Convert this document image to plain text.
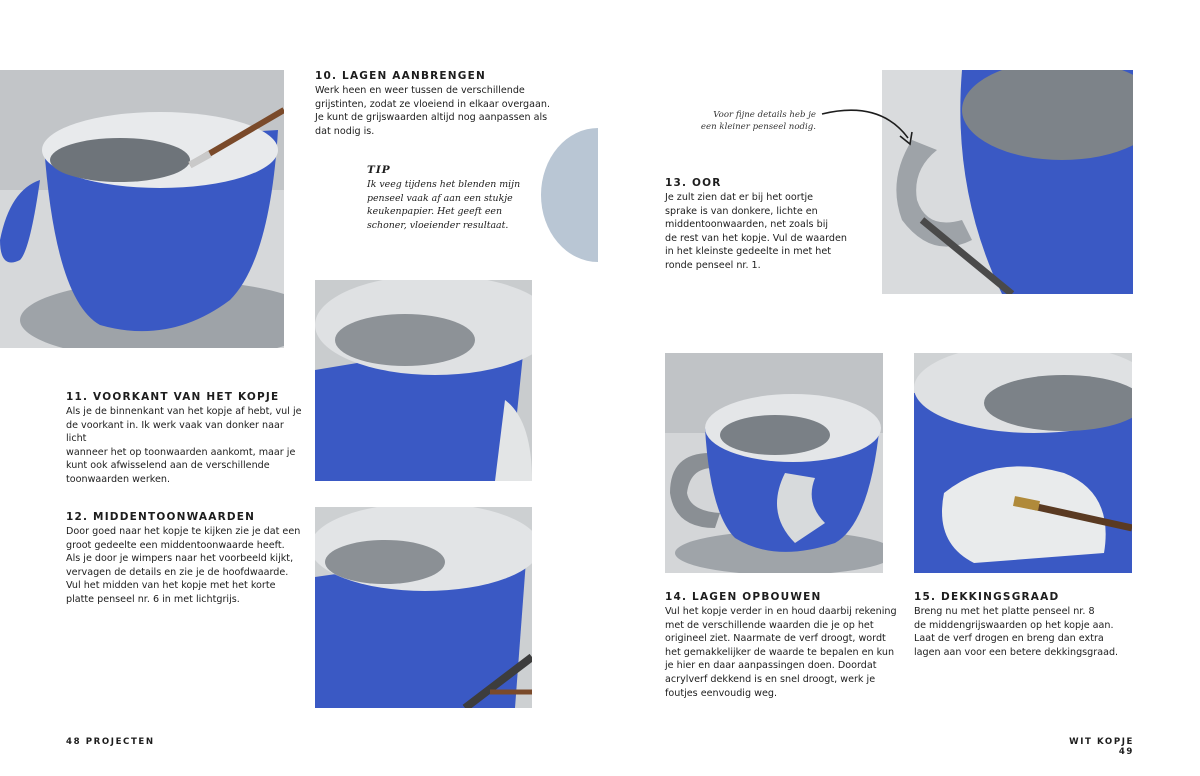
10. LAGEN AANBRENGEN

Werk heen en weer tussen de verschillende
grijstinten, zodat ze vloeiend in elkaar overgaan.
Je kunt de grijswaarden altijd nog aanpassen als
dat nodig is.

TIP

Ik veeg tijdens het blenden mijn
penseel vaak af aan een stukje
keukenpapier. Het geeft een
schoner, vloeiender resultaat.

11. VOORKANT VAN HET KOPJE

Als je de binnenkant van het kopje af hebt, vul je
de voorkant in. Ik werk vaak van donker naar licht
wanneer het op toonwaarden aankomt, maar je
kunt ook afwisselend aan de verschillende
toonwaarden werken.

12. MIDDENTOONWAARDEN

Door goed naar het kopje te kijken zie je dat een
groot gedeelte een middentoonwaarde heeft.
Als je door je wimpers naar het voorbeeld kijkt,
vervagen de details en zie je de hoofdwaarde.
Vul het midden van het kopje met het korte
platte penseel nr. 6 in met lichtgrijs.

48 PROJECTEN
Voor fijne details heb je
een kleiner penseel nodig.

13. OOR

Je zult zien dat er bij het oortje
sprake is van donkere, lichte en
middentoonwaarden, net zoals bij
de rest van het kopje. Vul de waarden
in het kleinste gedeelte in met het
ronde penseel nr. 1.

14. LAGEN OPBOUWEN

Vul het kopje verder in en houd daarbij rekening
met de verschillende waarden die je op het
origineel ziet. Naarmate de verf droogt, wordt
het gemakkelijker de waarde te bepalen en kun
je hier en daar aanpassingen doen. Doordat
acrylverf dekkend is en snel droogt, werk je
foutjes eenvoudig weg.

15. DEKKINGSGRAAD

Breng nu met het platte penseel nr. 8
de middengrijswaarden op het kopje aan.
Laat de verf drogen en breng dan extra
lagen aan voor een betere dekkingsgraad.

WIT KOPJE 49
